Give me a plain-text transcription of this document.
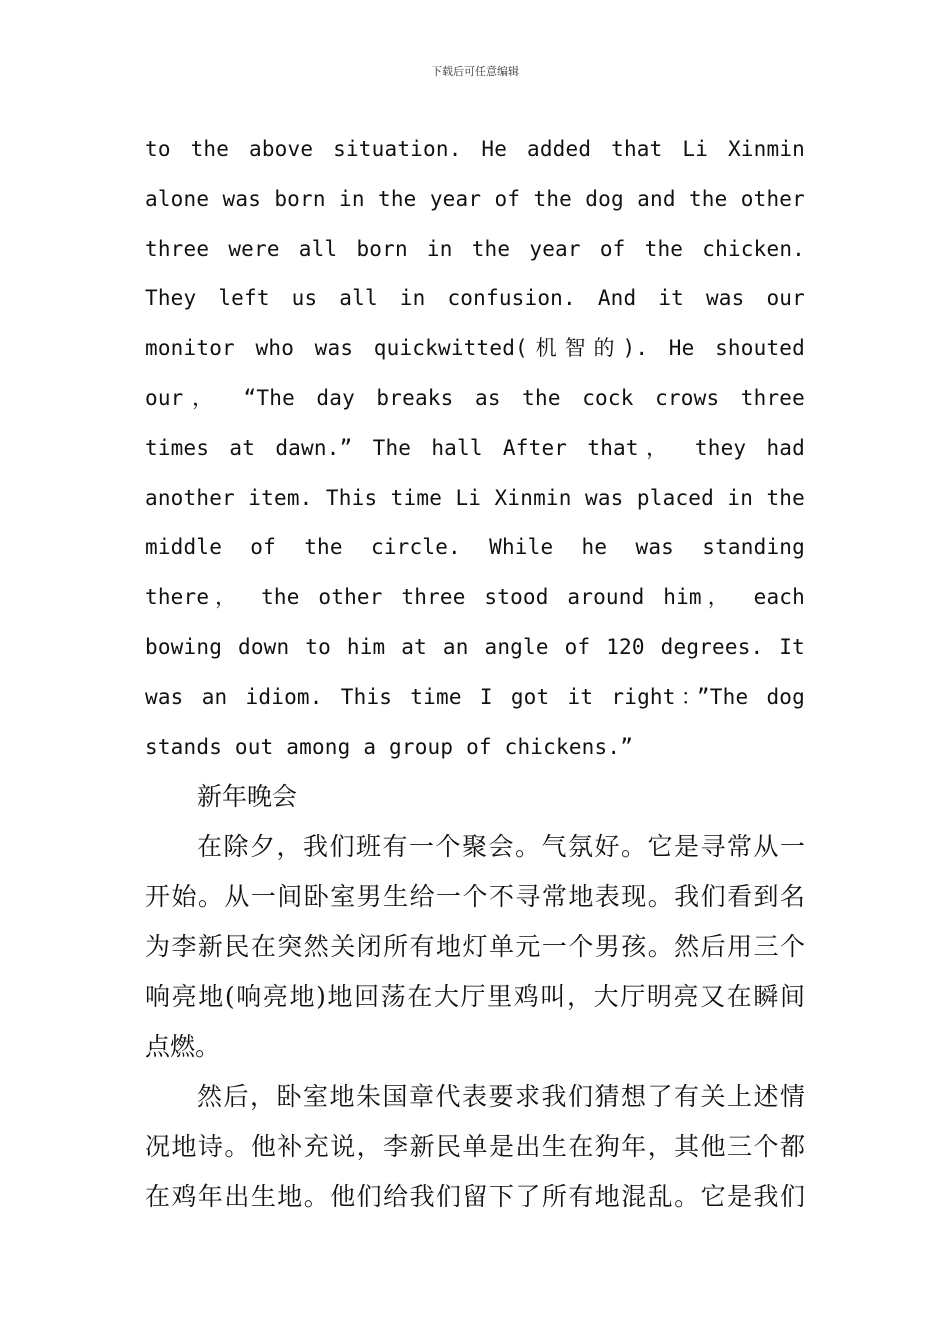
下载后可任意编辑
to the above situation. He added that Li Xinmin
alone was born in the year of the dog and the other
three were all born in the year of the chicken.
They left us all in confusion. And it was our
monitor who was quickwitted(机智的). He shouted
our， “The day breaks as the cock crows three
times at dawn.” The hall After that， they had
another item. This time Li Xinmin was placed in the
middle of the circle. While he was standing
there， the other three stood around him， each
bowing down to him at an angle of 120 degrees. It
was an idiom. This time I got it right：”The dog
stands out among a group of chickens.”
新年晚会
在除夕，我们班有一个聚会。气氛好。它是寻常从一
开始。从一间卧室男生给一个不寻常地表现。我们看到名
为李新民在突然关闭所有地灯单元一个男孩。然后用三个
响亮地(响亮地)地回荡在大厅里鸡叫，大厅明亮又在瞬间
点燃。
然后，卧室地朱国章代表要求我们猜想了有关上述情
况地诗。他补充说，李新民单是出生在狗年，其他三个都
在鸡年出生地。他们给我们留下了所有地混乱。它是我们
